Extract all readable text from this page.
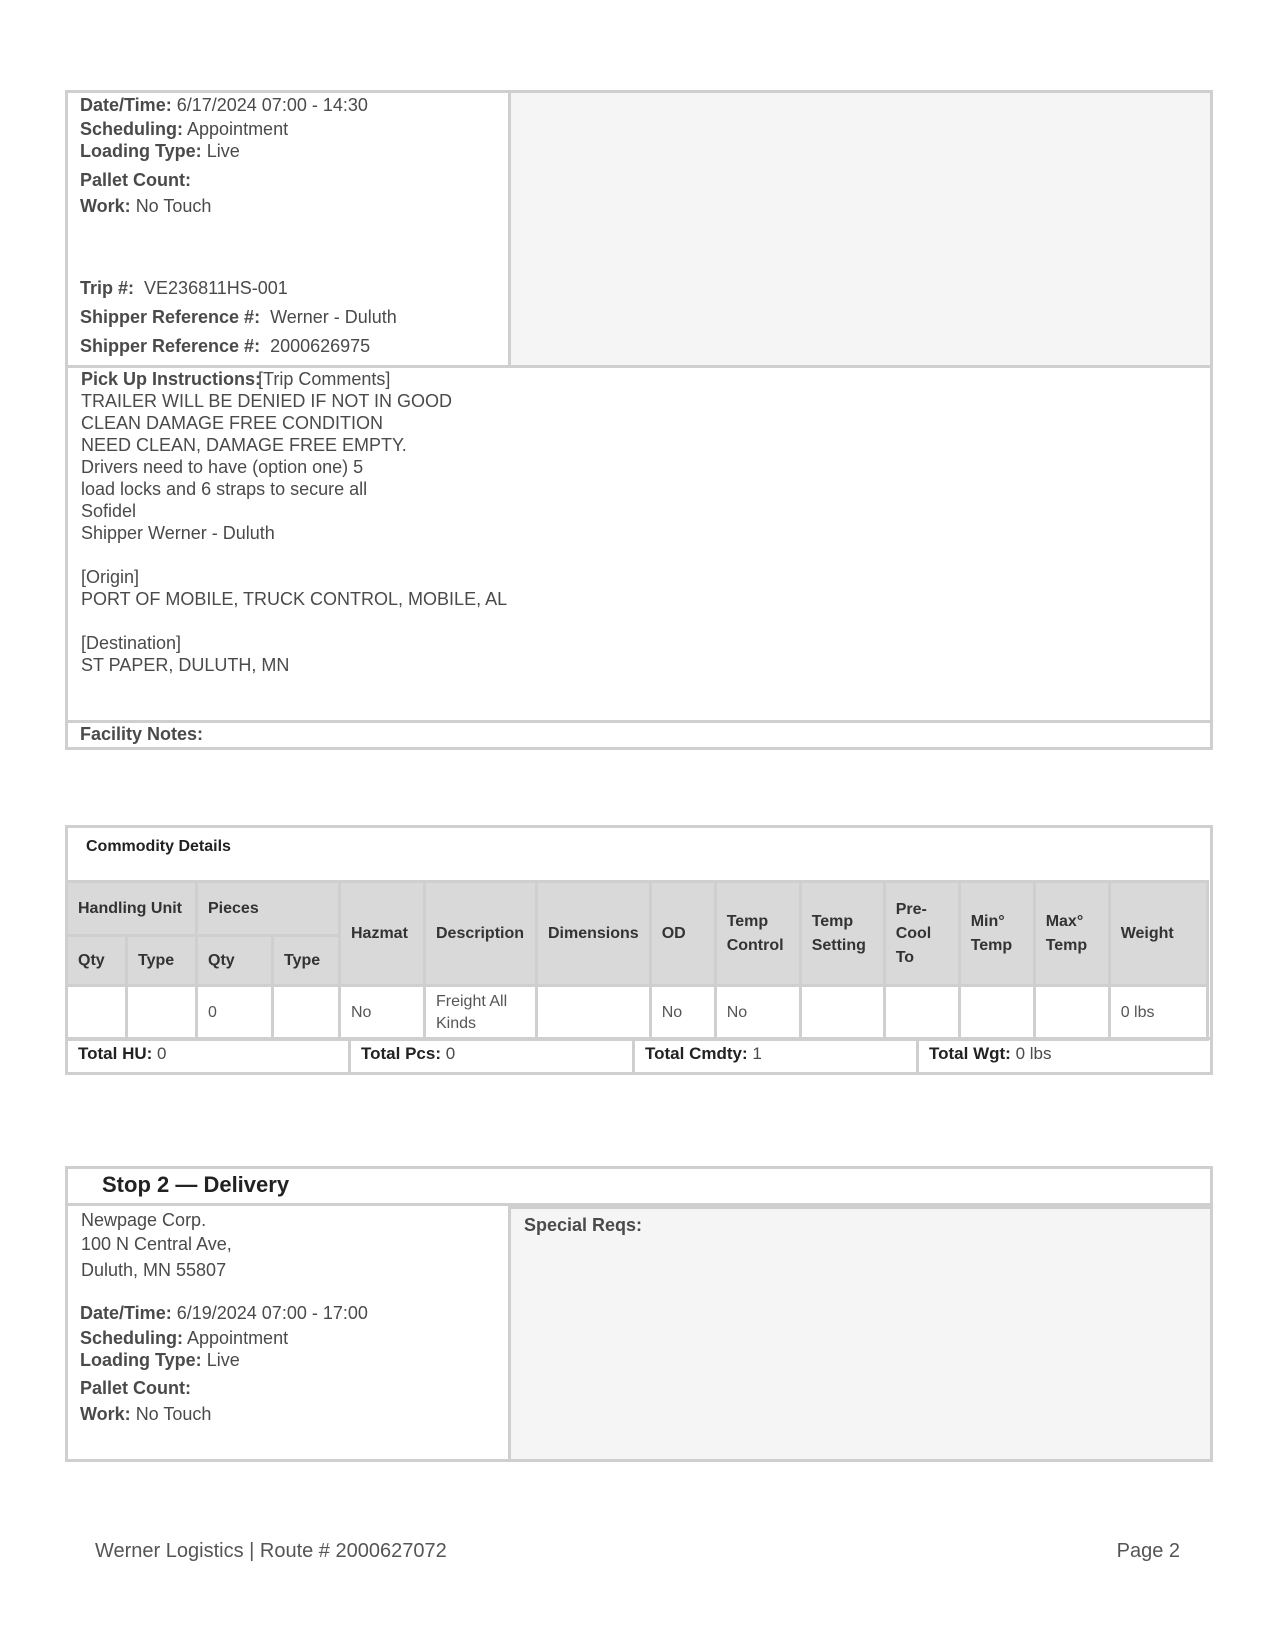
Date/Time: 6/17/2024 07:00 - 14:30
Scheduling: Appointment
Loading Type: Live
Pallet Count:
Work: No Touch
Trip #: VE236811HS-001
Shipper Reference #: Werner - Duluth
Shipper Reference #: 2000626975
Pick Up Instructions:
[Trip Comments]

TRAILER WILL BE DENIED IF NOT IN GOOD
CLEAN DAMAGE FREE CONDITION
NEED CLEAN, DAMAGE FREE EMPTY.
Drivers need to have (option one) 5
load locks and 6 straps to secure all
Sofidel
Shipper Werner - Duluth

[Origin]
PORT OF MOBILE, TRUCK CONTROL, MOBILE, AL

[Destination]
ST PAPER, DULUTH, MN
Facility Notes:
Commodity Details
Handling Unit		Pieces		Hazmat	Description	Dimensions	OD	Temp Control	Temp Setting	Pre-Cool To	Min° Temp	Max° Temp	Weight
Qty	Type	Qty	Type										
		0		No	Freight All Kinds		No	No					0 lbs
Total HU: 0	Total Pcs: 0	Total Cmdty: 1	Total Wgt: 0 lbs
Stop 2 — Delivery
Newpage Corp.
100 N Central Ave,
Duluth, MN 55807
Date/Time: 6/19/2024 07:00 - 17:00
Scheduling: Appointment
Loading Type: Live
Pallet Count:
Work: No Touch
Special Reqs:
Werner Logistics | Route # 2000627072	Page 2
